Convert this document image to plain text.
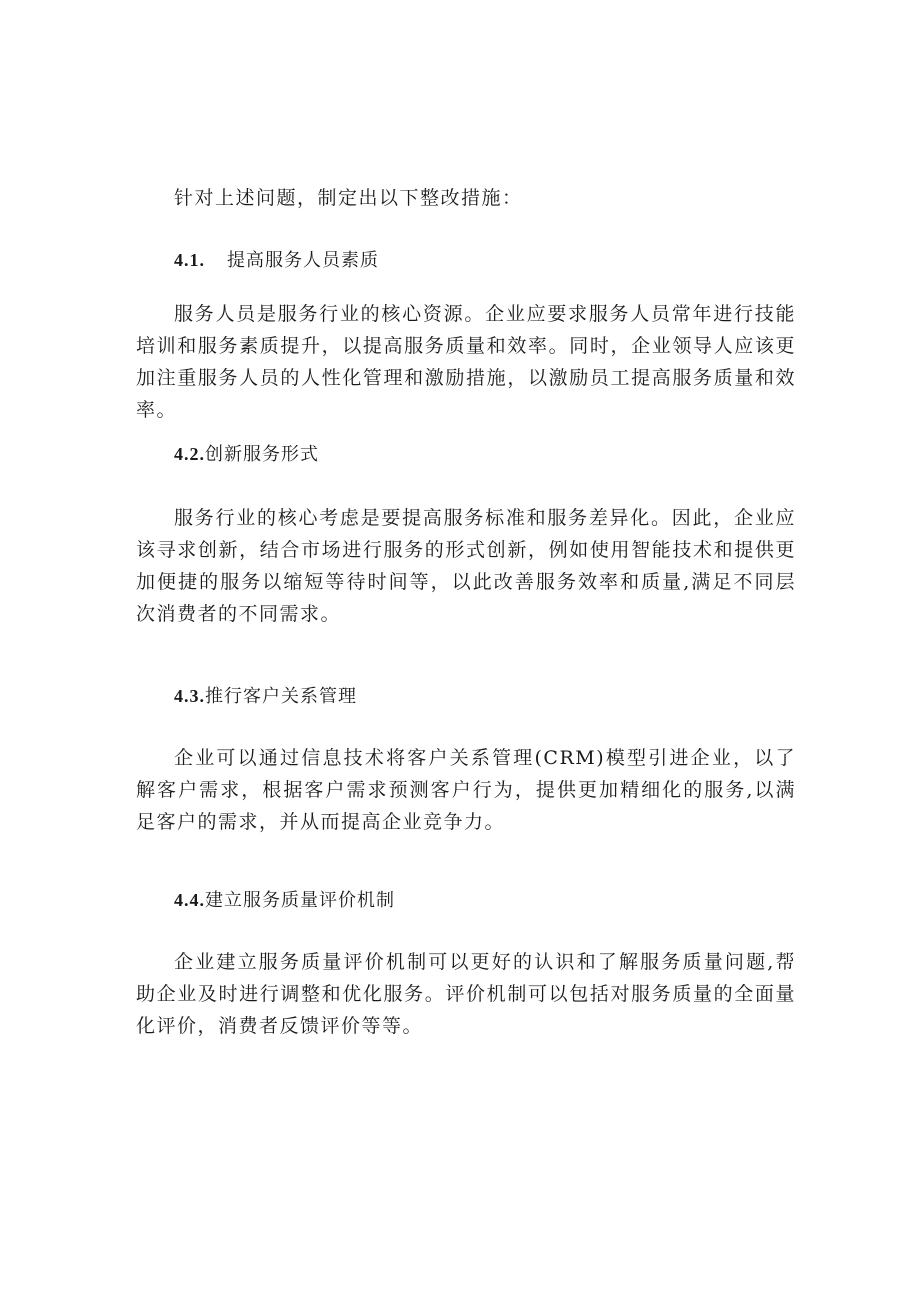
针对上述问题，制定出以下整改措施：

4.1. 提高服务人员素质

服务人员是服务行业的核心资源。企业应要求服务人员常年进行技能培训和服务素质提升，以提高服务质量和效率。同时，企业领导人应该更加注重服务人员的人性化管理和激励措施，以激励员工提高服务质量和效率。

4.2.创新服务形式

服务行业的核心考虑是要提高服务标准和服务差异化。因此，企业应该寻求创新，结合市场进行服务的形式创新，例如使用智能技术和提供更加便捷的服务以缩短等待时间等，以此改善服务效率和质量,满足不同层次消费者的不同需求。

4.3.推行客户关系管理

企业可以通过信息技术将客户关系管理(CRM)模型引进企业，以了解客户需求，根据客户需求预测客户行为，提供更加精细化的服务,以满足客户的需求，并从而提高企业竞争力。

4.4.建立服务质量评价机制

企业建立服务质量评价机制可以更好的认识和了解服务质量问题,帮助企业及时进行调整和优化服务。评价机制可以包括对服务质量的全面量化评价，消费者反馈评价等等。
